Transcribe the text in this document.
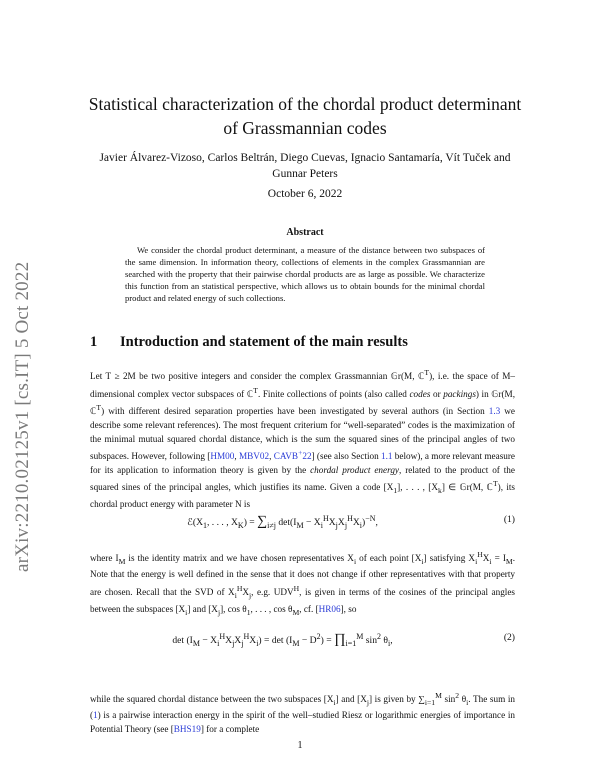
arXiv:2210.02125v1 [cs.IT] 5 Oct 2022
Statistical characterization of the chordal product determinant of Grassmannian codes
Javier Álvarez-Vizoso, Carlos Beltrán, Diego Cuevas, Ignacio Santamaría, Vít Tuček and Gunnar Peters
October 6, 2022
Abstract
We consider the chordal product determinant, a measure of the distance between two subspaces of the same dimension. In information theory, collections of elements in the complex Grassmannian are searched with the property that their pairwise chordal products are as large as possible. We characterize this function from an statistical perspective, which allows us to obtain bounds for the minimal chordal product and related energy of such collections.
1 Introduction and statement of the main results
Let T ≥ 2M be two positive integers and consider the complex Grassmannian 𝔾r(M, ℂ$^T$), i.e. the space of M–dimensional complex vector subspaces of ℂ$^T$. Finite collections of points (also called codes or packings) in 𝔾r(M, ℂ$^T$) with different desired separation properties have been investigated by several authors (in Section 1.3 we describe some relevant references). The most frequent criterium for “well-separated” codes is the maximization of the minimal mutual squared chordal distance, which is the sum the squared sines of the principal angles of two subspaces. However, following [HM00, MBV02, CAVB+22] (see also Section 1.1 below), a more relevant measure for its application to information theory is given by the chordal product energy, related to the product of the squared sines of the principal angles, which justifies its name. Given a code $[X_1]$, . . . , $[X_k]$ ∈ 𝔾r(M, ℂ$^T$), its chordal product energy with parameter N is
$ℰ(X_1$, . . . , $X_K) = \sum_{i\ne j}$ $\det(I_M - X_i^HX_jX_j^HX_i)^{-N}$,	(1)
where $I_M$ is the identity matrix and we have chosen representatives $X_i$ of each point $[X_i]$ satisfying $X_i^HX_i = I_M$. Note that the energy is well defined in the sense that it does not change if other representatives with that property are chosen. Recall that the SVD of $X_i^HX_j$, e.g. $UDV^H$, is given in terms of the cosines of the principal angles between the subspaces $[X_i]$ and $[X_j]$, $\cos \theta_1$, . . . , $\cos \theta_M$, cf. [HR06], so
$\det (I_M - X_i^HX_jX_j^HX_i) = \det (I_M - D^2)$ = $\prod_{i=1}^M$ $\sin^2 \theta_i$,	(2)
while the squared chordal distance between the two subspaces $[X_i]$ and $[X_j]$ is given by $\sum_{i=1}^M$ $\sin^2 \theta_i$. The sum in (1) is a pairwise interaction energy in the spirit of the well–studied Riesz or logarithmic energies of importance in Potential Theory (see [BHS19] for a complete
1
